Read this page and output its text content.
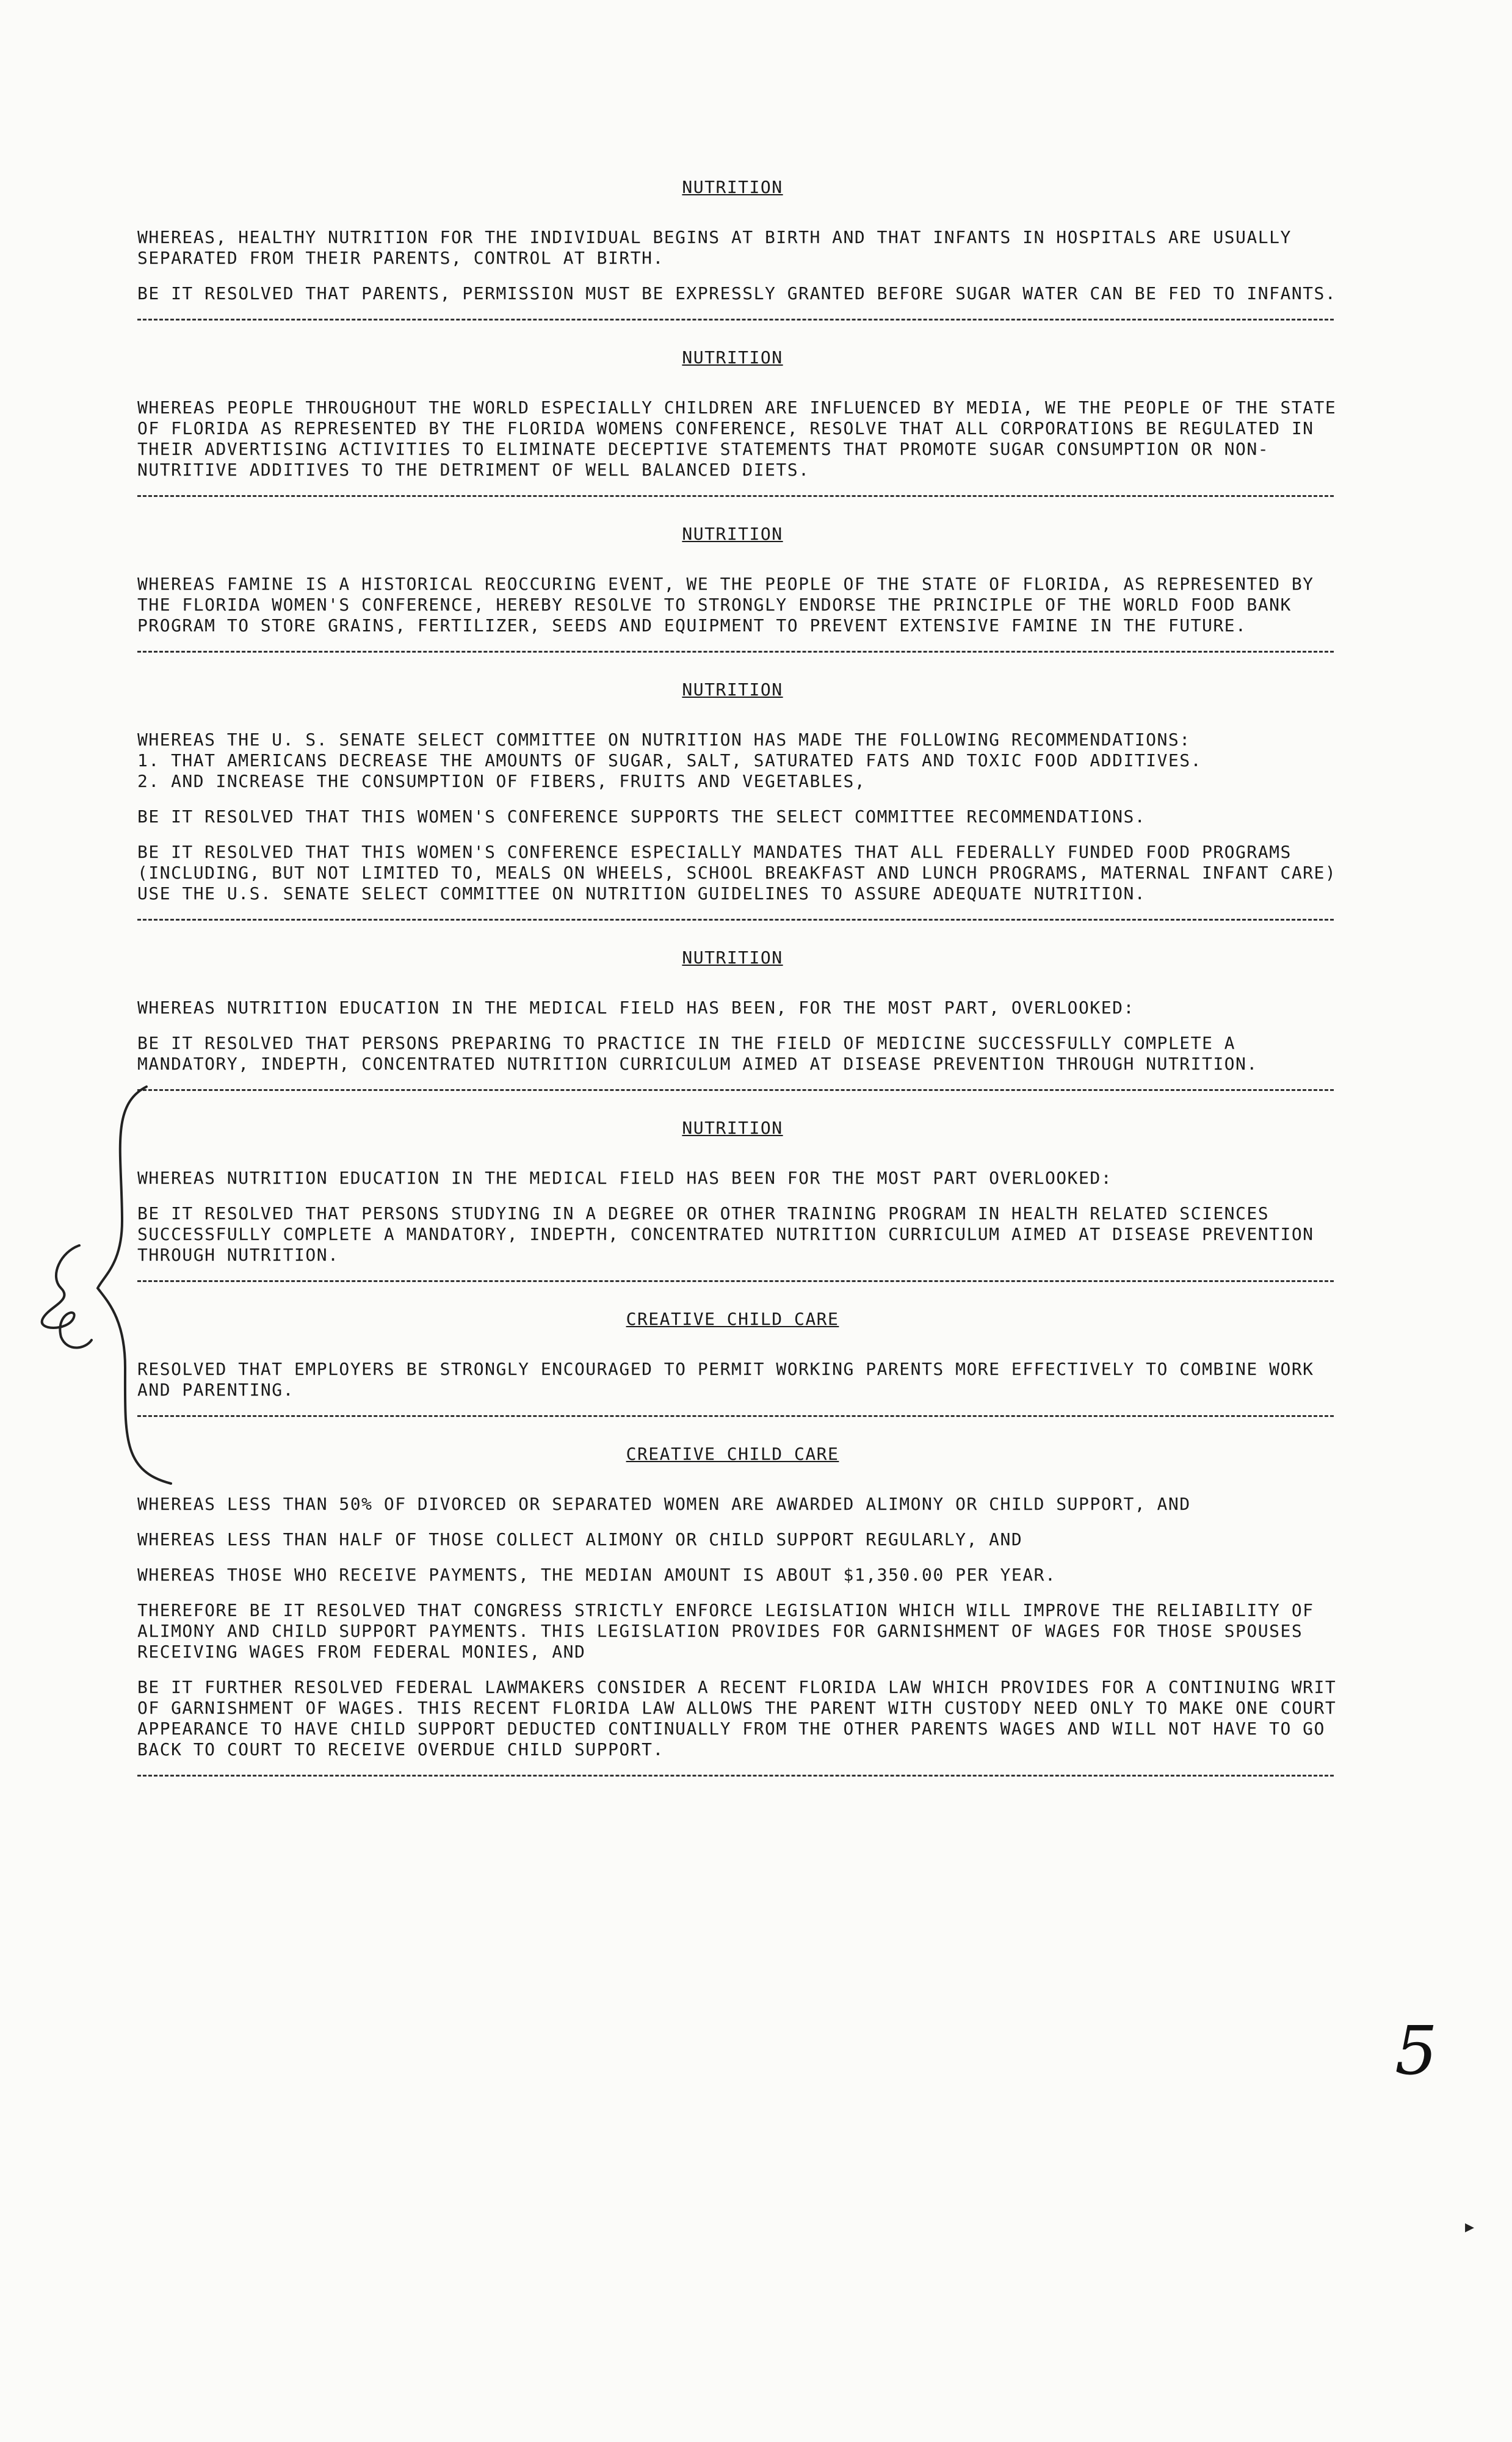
NUTRITION

WHEREAS, HEALTHY NUTRITION FOR THE INDIVIDUAL BEGINS AT BIRTH AND THAT INFANTS IN HOSPITALS ARE USUALLY SEPARATED FROM THEIR PARENTS, CONTROL AT BIRTH.

BE IT RESOLVED THAT PARENTS, PERMISSION MUST BE EXPRESSLY GRANTED BEFORE SUGAR WATER CAN BE FED TO INFANTS.

NUTRITION

WHEREAS PEOPLE THROUGHOUT THE WORLD ESPECIALLY CHILDREN ARE INFLUENCED BY MEDIA, WE THE PEOPLE OF THE STATE OF FLORIDA AS REPRESENTED BY THE FLORIDA WOMENS CONFERENCE, RESOLVE THAT ALL CORPORATIONS BE REGULATED IN THEIR ADVERTISING ACTIVITIES TO ELIMINATE DECEPTIVE STATEMENTS THAT PROMOTE SUGAR CONSUMPTION OR NON-NUTRITIVE ADDITIVES TO THE DETRIMENT OF WELL BALANCED DIETS.

NUTRITION

WHEREAS FAMINE IS A HISTORICAL REOCCURING EVENT, WE THE PEOPLE OF THE STATE OF FLORIDA, AS REPRESENTED BY THE FLORIDA WOMEN'S CONFERENCE, HEREBY RESOLVE TO STRONGLY ENDORSE THE PRINCIPLE OF THE WORLD FOOD BANK PROGRAM TO STORE GRAINS, FERTILIZER, SEEDS AND EQUIPMENT TO PREVENT EXTENSIVE FAMINE IN THE FUTURE.

NUTRITION

WHEREAS THE U. S. SENATE SELECT COMMITTEE ON NUTRITION HAS MADE THE FOLLOWING RECOMMENDATIONS:

1. THAT AMERICANS DECREASE THE AMOUNTS OF SUGAR, SALT, SATURATED FATS AND TOXIC FOOD ADDITIVES.

2. AND INCREASE THE CONSUMPTION OF FIBERS, FRUITS AND VEGETABLES,

BE IT RESOLVED THAT THIS WOMEN'S CONFERENCE SUPPORTS THE SELECT COMMITTEE RECOMMENDATIONS.

BE IT RESOLVED THAT THIS WOMEN'S CONFERENCE ESPECIALLY MANDATES THAT ALL FEDERALLY FUNDED FOOD PROGRAMS (INCLUDING, BUT NOT LIMITED TO, MEALS ON WHEELS, SCHOOL BREAKFAST AND LUNCH PROGRAMS, MATERNAL INFANT CARE) USE THE U.S. SENATE SELECT COMMITTEE ON NUTRITION GUIDELINES TO ASSURE ADEQUATE NUTRITION.

NUTRITION

WHEREAS NUTRITION EDUCATION IN THE MEDICAL FIELD HAS BEEN, FOR THE MOST PART, OVERLOOKED:

BE IT RESOLVED THAT PERSONS PREPARING TO PRACTICE IN THE FIELD OF MEDICINE SUCCESSFULLY COMPLETE A MANDATORY, INDEPTH, CONCENTRATED NUTRITION CURRICULUM AIMED AT DISEASE PREVENTION THROUGH NUTRITION.

NUTRITION

WHEREAS NUTRITION EDUCATION IN THE MEDICAL FIELD HAS BEEN FOR THE MOST PART OVERLOOKED:

BE IT RESOLVED THAT PERSONS STUDYING IN A DEGREE OR OTHER TRAINING PROGRAM IN HEALTH RELATED SCIENCES SUCCESSFULLY COMPLETE A MANDATORY, INDEPTH, CONCENTRATED NUTRITION CURRICULUM AIMED AT DISEASE PREVENTION THROUGH NUTRITION.

CREATIVE CHILD CARE

RESOLVED THAT EMPLOYERS BE STRONGLY ENCOURAGED TO PERMIT WORKING PARENTS MORE EFFECTIVELY TO COMBINE WORK AND PARENTING.

CREATIVE CHILD CARE

WHEREAS LESS THAN 50% OF DIVORCED OR SEPARATED WOMEN ARE AWARDED ALIMONY OR CHILD SUPPORT, AND

WHEREAS LESS THAN HALF OF THOSE COLLECT ALIMONY OR CHILD SUPPORT REGULARLY, AND

WHEREAS THOSE WHO RECEIVE PAYMENTS, THE MEDIAN AMOUNT IS ABOUT $1,350.00 PER YEAR.

THEREFORE BE IT RESOLVED THAT CONGRESS STRICTLY ENFORCE LEGISLATION WHICH WILL IMPROVE THE RELIABILITY OF ALIMONY AND CHILD SUPPORT PAYMENTS. THIS LEGISLATION PROVIDES FOR GARNISHMENT OF WAGES FOR THOSE SPOUSES RECEIVING WAGES FROM FEDERAL MONIES, AND

BE IT FURTHER RESOLVED FEDERAL LAWMAKERS CONSIDER A RECENT FLORIDA LAW WHICH PROVIDES FOR A CONTINUING WRIT OF GARNISHMENT OF WAGES. THIS RECENT FLORIDA LAW ALLOWS THE PARENT WITH CUSTODY NEED ONLY TO MAKE ONE COURT APPEARANCE TO HAVE CHILD SUPPORT DEDUCTED CONTINUALLY FROM THE OTHER PARENTS WAGES AND WILL NOT HAVE TO GO BACK TO COURT TO RECEIVE OVERDUE CHILD SUPPORT.

5
▸
